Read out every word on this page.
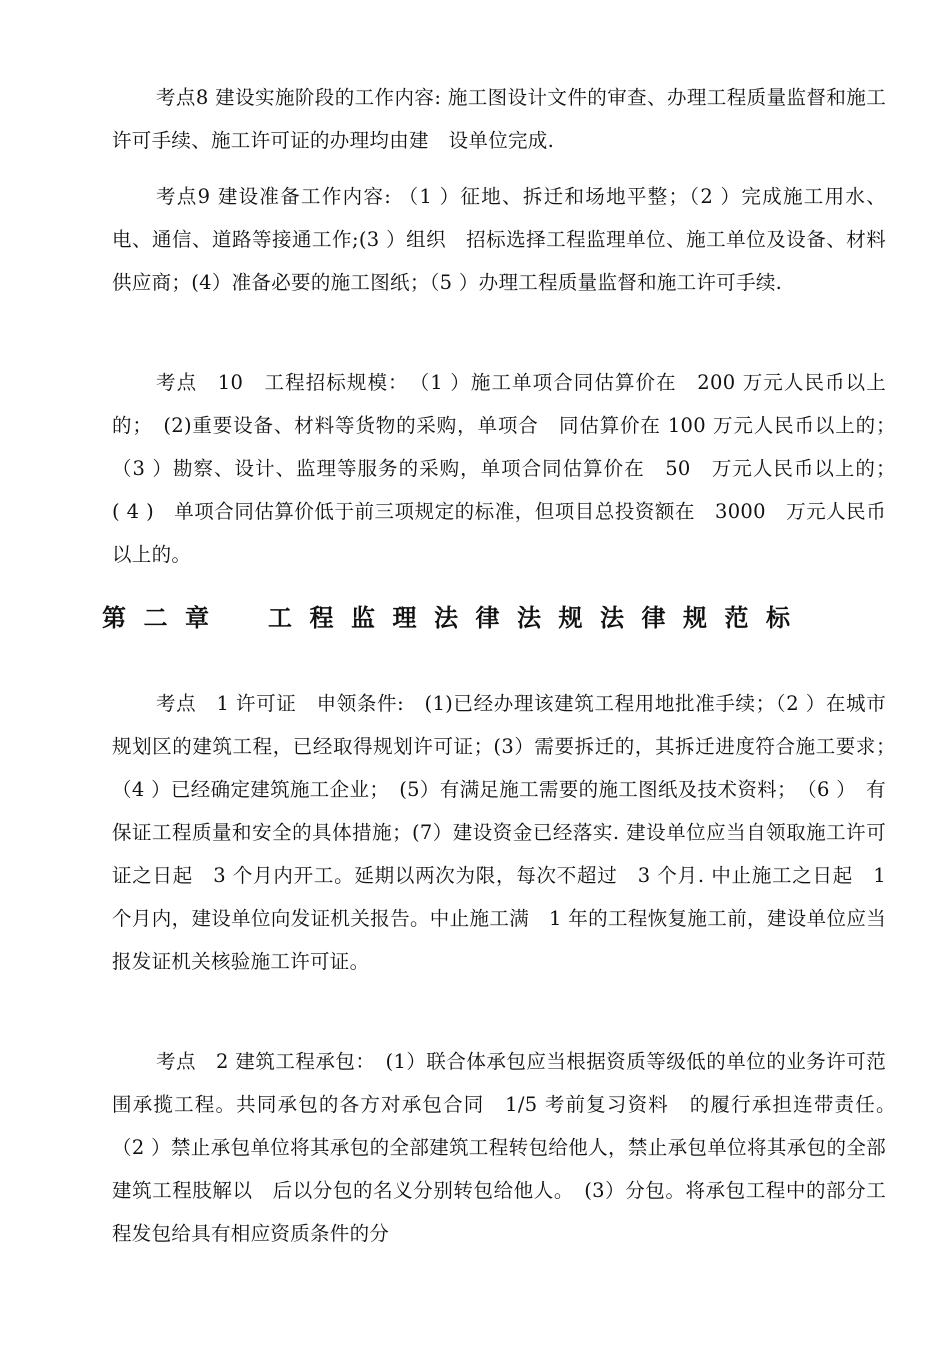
考点8 建设实施阶段的工作内容: 施工图设计文件的审查、办理工程质量监督和施工许可手续、施工许可证的办理均由建　设单位完成.

考点9 建设准备工作内容: （1 ）征地、拆迁和场地平整；（2 ）完成施工用水、电、通信、道路等接通工作;(3 ）组织　招标选择工程监理单位、施工单位及设备、材料供应商；(4）准备必要的施工图纸；（5 ）办理工程质量监督和施工许可手续.

考点　10　工程招标规模：　（1 ）施工单项合同估算价在　200 万元人民币以上的；　(2)重要设备、材料等货物的采购，单项合　同估算价在 100 万元人民币以上的；　（3 ）勘察、设计、监理等服务的采购，单项合同估算价在　50　万元人民币以上的；　( 4 )　单项合同估算价低于前三项规定的标准，但项目总投资额在　3000　万元人民币以上的。

第二章　工程监理法律法规法律规范标

考点　1 许可证　申领条件:　(1)已经办理该建筑工程用地批准手续；（2 ）在城市规划区的建筑工程，已经取得规划许可证；(3）需要拆迁的，其拆迁进度符合施工要求；　（4 ）已经确定建筑施工企业；　(5）有满足施工需要的施工图纸及技术资料；　（6 ）　有保证工程质量和安全的具体措施；(7）建设资金已经落实. 建设单位应当自领取施工许可证之日起　3 个月内开工。延期以两次为限，每次不超过　3 个月. 中止施工之日起　1 个月内，建设单位向发证机关报告。中止施工满　1 年的工程恢复施工前，建设单位应当报发证机关核验施工许可证。

考点　2 建筑工程承包：　(1）联合体承包应当根据资质等级低的单位的业务许可范围承揽工程。共同承包的各方对承包合同　1/5 考前复习资料　的履行承担连带责任。　（2 ）禁止承包单位将其承包的全部建筑工程转包给他人，禁止承包单位将其承包的全部建筑工程肢解以　后以分包的名义分别转包给他人。　(3）分包。将承包工程中的部分工程发包给具有相应资质条件的分
